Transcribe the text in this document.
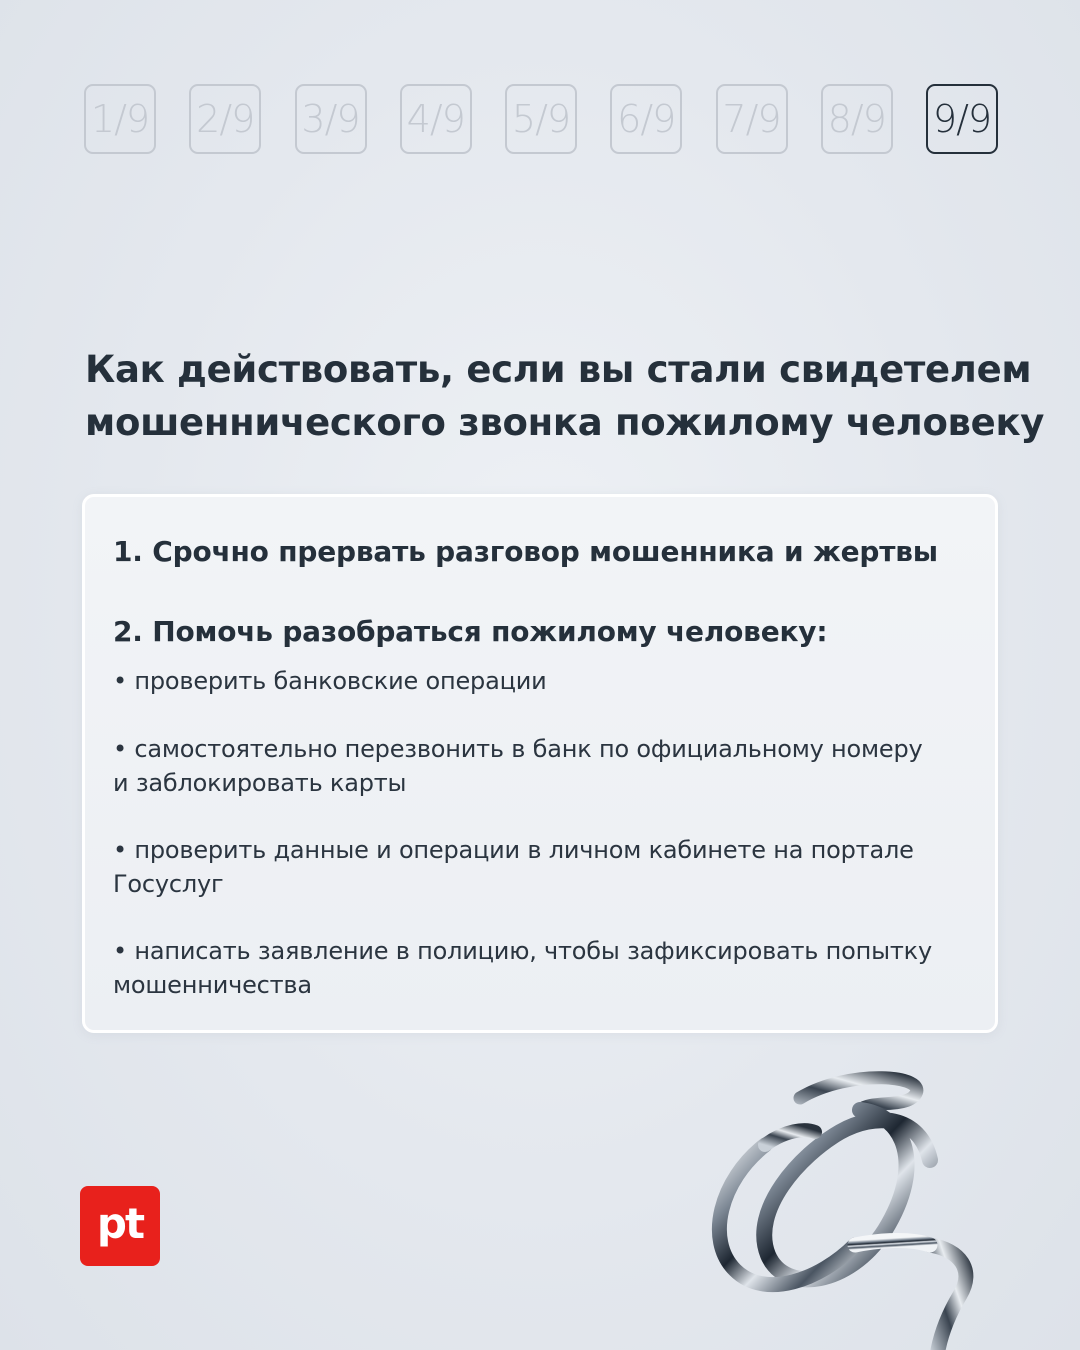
1/9 2/9 3/9 4/9 5/9 6/9 7/9 8/9 9/9
Как действовать, если вы стали свидетелем
мошеннического звонка пожилому человеку
1. Срочно прервать разговор мошенника и жертвы
2. Помочь разобраться пожилому человеку:
• проверить банковские операции
• самостоятельно перезвонить в банк по официальному номеру
и заблокировать карты
• проверить данные и операции в личном кабинете на портале
Госуслуг
• написать заявление в полицию, чтобы зафиксировать попытку
мошенничества
pt
